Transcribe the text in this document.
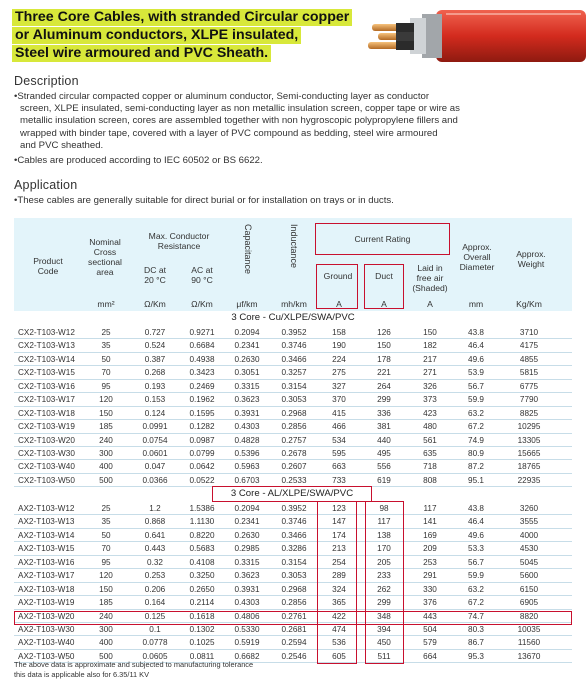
Three Core Cables, with stranded Circular copper
or Aluminum conductors, XLPE insulated,
Steel wire armoured and PVC Sheath.
Description
•Stranded circular compacted copper or aluminum conductor, Semi-conducting layer as conductor
screen, XLPE insulated, semi-conducting layer as non metallic insulation screen, copper tape or wire as
metallic insulation screen, cores are assembled together with non hygroscopic polypropylene fillers and
wrapped with binder tape, covered with a layer of PVC compound as bedding, steel wire armoured
and PVC sheathed.
•Cables are produced according to IEC 60502 or BS 6622.
Application
•These cables are generally suitable for direct burial or for installation on trays or in ducts.
Product
Code
Nominal
Cross
sectional
area
Max. Conductor
Resistance
DC at
20 °C
AC at
90 °C
Capacitance	Inductance	Current Rating
Ground	Duct
Laid in
free air
(Shaded)
Approx.
Overall
Diameter
Approx.
Weight
mm²	Ω/Km	Ω/Km	μf/km	mh/km	A	A	A	mm	Kg/Km
3 Core - Cu/XLPE/SWA/PVC
CX2-T103-W12	25	0.727	0.9271	0.2094	0.3952	158	126	150	43.8	3710
CX2-T103-W13	35	0.524	0.6684	0.2341	0.3746	190	150	182	46.4	4175
CX2-T103-W14	50	0.387	0.4938	0.2630	0.3466	224	178	217	49.6	4855
CX2-T103-W15	70	0.268	0.3423	0.3051	0.3257	275	221	271	53.9	5815
CX2-T103-W16	95	0.193	0.2469	0.3315	0.3154	327	264	326	56.7	6775
CX2-T103-W17	120	0.153	0.1962	0.3623	0.3053	370	299	373	59.9	7790
CX2-T103-W18	150	0.124	0.1595	0.3931	0.2968	415	336	423	63.2	8825
CX2-T103-W19	185	0.0991	0.1282	0.4303	0.2856	466	381	480	67.2	10295
CX2-T103-W20	240	0.0754	0.0987	0.4828	0.2757	534	440	561	74.9	13305
CX2-T103-W30	300	0.0601	0.0799	0.5396	0.2678	595	495	635	80.9	15665
CX2-T103-W40	400	0.047	0.0642	0.5963	0.2607	663	556	718	87.2	18765
CX2-T103-W50	500	0.0366	0.0522	0.6703	0.2533	733	619	808	95.1	22935
3 Core - AL/XLPE/SWA/PVC
AX2-T103-W12	25	1.2	1.5386	0.2094	0.3952	123	98	117	43.8	3260
AX2-T103-W13	35	0.868	1.1130	0.2341	0.3746	147	117	141	46.4	3555
AX2-T103-W14	50	0.641	0.8220	0.2630	0.3466	174	138	169	49.6	4000
AX2-T103-W15	70	0.443	0.5683	0.2985	0.3286	213	170	209	53.3	4530
AX2-T103-W16	95	0.32	0.4108	0.3315	0.3154	254	205	253	56.7	5045
AX2-T103-W17	120	0.253	0.3250	0.3623	0.3053	289	233	291	59.9	5600
AX2-T103-W18	150	0.206	0.2650	0.3931	0.2968	324	262	330	63.2	6150
AX2-T103-W19	185	0.164	0.2114	0.4303	0.2856	365	299	376	67.2	6905
AX2-T103-W20	240	0.125	0.1618	0.4806	0.2761	422	348	443	74.7	8820
AX2-T103-W30	300	0.1	0.1302	0.5330	0.2681	474	394	504	80.3	10035
AX2-T103-W40	400	0.0778	0.1025	0.5919	0.2594	536	450	579	86.7	11560
AX2-T103-W50	500	0.0605	0.0811	0.6682	0.2546	605	511	664	95.3	13670
The above data is approximate and subjected to manufacturing tolerance
this data is applicable also for 6.35/11 KV
